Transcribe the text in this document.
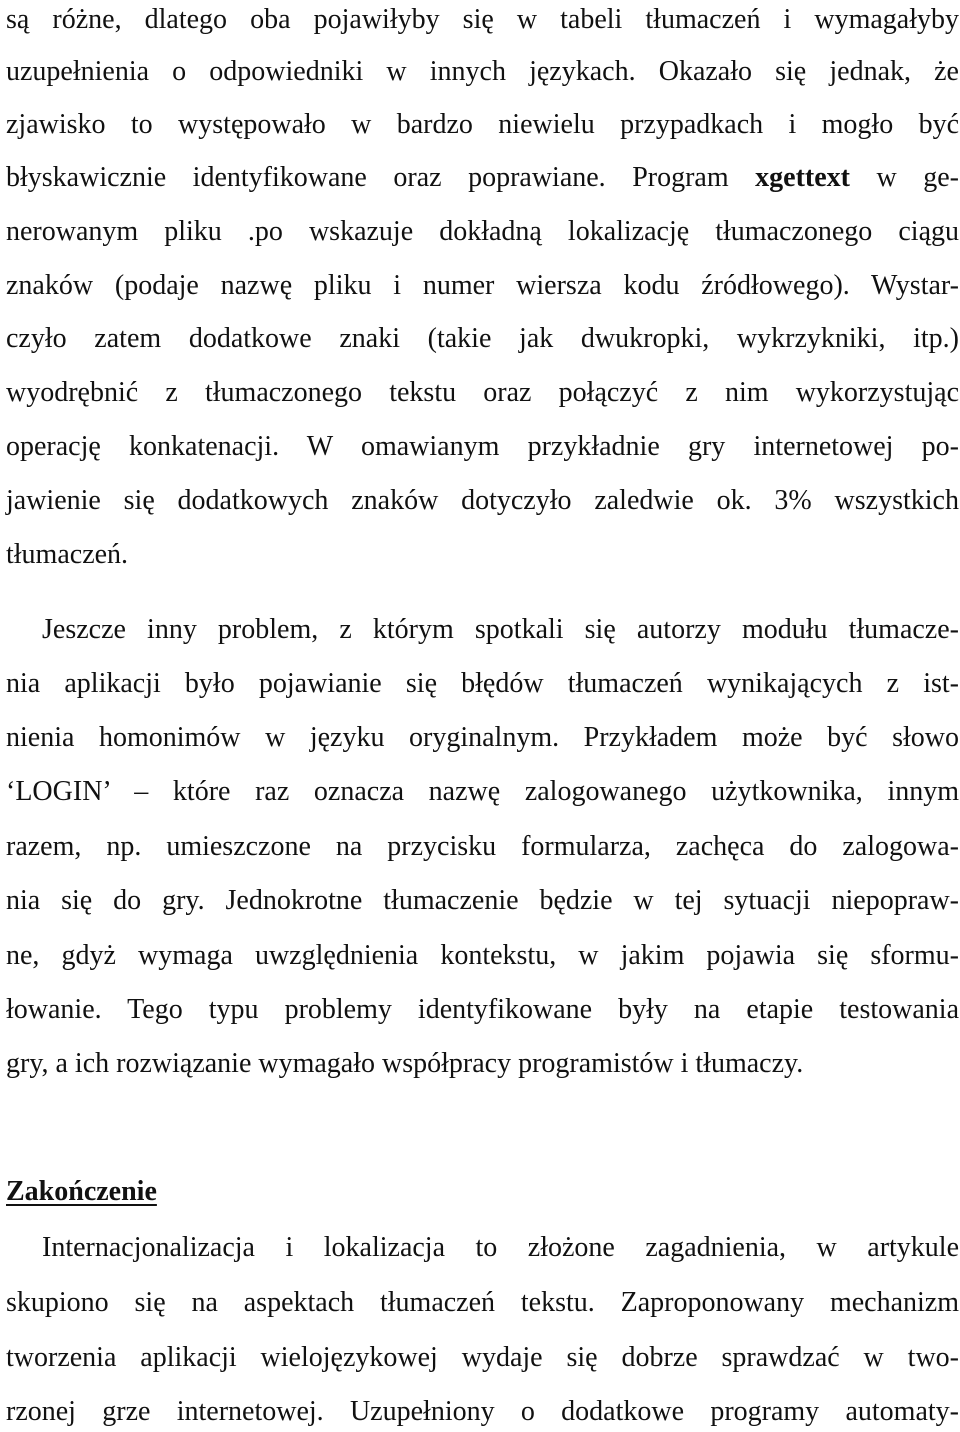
są różne, dlatego oba pojawiłyby się w tabeli tłumaczeń i wymagałyby
uzupełnienia o odpowiedniki w innych językach. Okazało się jednak, że
zjawisko to występowało w bardzo niewielu przypadkach i mogło być
błyskawicznie identyfikowane oraz poprawiane. Program xgettext w ge-
nerowanym pliku .po wskazuje dokładną lokalizację tłumaczonego ciągu
znaków (podaje nazwę pliku i numer wiersza kodu źródłowego). Wystar-
czyło zatem dodatkowe znaki (takie jak dwukropki, wykrzykniki, itp.)
wyodrębnić z tłumaczonego tekstu oraz połączyć z nim wykorzystując
operację konkatenacji. W omawianym przykładnie gry internetowej po-
jawienie się dodatkowych znaków dotyczyło zaledwie ok. 3% wszystkich
tłumaczeń.
Jeszcze inny problem, z którym spotkali się autorzy modułu tłumacze-
nia aplikacji było pojawianie się błędów tłumaczeń wynikających z ist-
nienia homonimów w języku oryginalnym. Przykładem może być słowo
‘LOGIN’ – które raz oznacza nazwę zalogowanego użytkownika, innym
razem, np. umieszczone na przycisku formularza, zachęca do zalogowa-
nia się do gry. Jednokrotne tłumaczenie będzie w tej sytuacji niepopraw-
ne, gdyż wymaga uwzględnienia kontekstu, w jakim pojawia się sformu-
łowanie. Tego typu problemy identyfikowane były na etapie testowania
gry, a ich rozwiązanie wymagało współpracy programistów i tłumaczy.
Zakończenie
Internacjonalizacja i lokalizacja to złożone zagadnienia, w artykule
skupiono się na aspektach tłumaczeń tekstu. Zaproponowany mechanizm
tworzenia aplikacji wielojęzykowej wydaje się dobrze sprawdzać w two-
rzonej grze internetowej. Uzupełniony o dodatkowe programy automaty-
